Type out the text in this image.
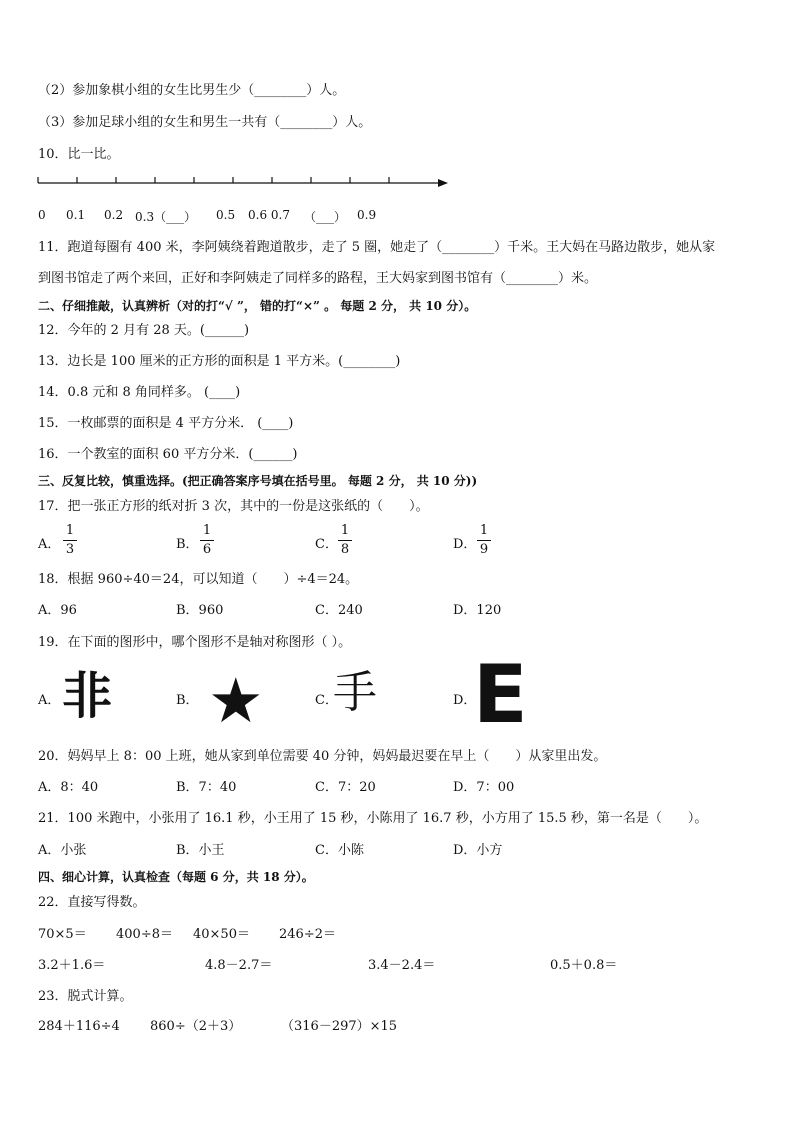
（2）参加象棋小组的女生比男生少（________）人。
（3）参加足球小组的女生和男生一共有（________）人。
10．比一比。
0 0.1 0.2 0.3（___） 0.5 0.6 0.7 （___） 0.9
11．跑道每圈有 400 米，李阿姨绕着跑道散步，走了 5 圈，她走了（________）千米。王大妈在马路边散步，她从家
到图书馆走了两个来回，正好和李阿姨走了同样多的路程，王大妈家到图书馆有（________）米。
二、仔细推敲，认真辨析（对的打“√ ”， 错的打“×” 。 每题 2 分， 共 10 分）。
12．今年的 2 月有 28 天。(______)
13．边长是 100 厘米的正方形的面积是 1 平方米。(________)
14．0.8 元和 8 角同样多。 (____)
15．一枚邮票的面积是 4 平方分米． (____)
16．一个教室的面积 60 平方分米．(______)
三、反复比较，慎重选择。(把正确答案序号填在括号里。 每题 2 分， 共 10 分))
17．把一张正方形的纸对折 3 次，其中的一份是这张纸的（　　）。
A．
1
3	B．
1
6	C．
1
8	D．
1
9
18．根据 960÷40＝24，可以知道（　　）÷4＝24。
A．96	B．960	C．240	D．120
19．在下面的图形中，哪个图形不是轴对称图形（ ）。
A． 非	B． ★	C．
手	D．
E
20．妈妈早上 8：00 上班，她从家到单位需要 40 分钟，妈妈最迟要在早上（　　）从家里出发。
A．8：40	B．7：40	C．7：20	D．7：00
21．100 米跑中，小张用了 16.1 秒，小王用了 15 秒，小陈用了 16.7 秒，小方用了 15.5 秒，第一名是（　　）。
A．小张	B．小王	C．小陈	D．小方
四、细心计算，认真检查（每题 6 分，共 18 分）。
22．直接写得数。
70×5＝ 400÷8＝ 40×50＝ 246÷2＝
3.2＋1.6＝	4.8－2.7＝	3.4－2.4＝	0.5＋0.8＝
23．脱式计算。
284＋116÷4 860÷（2＋3）	（316－297）×15
